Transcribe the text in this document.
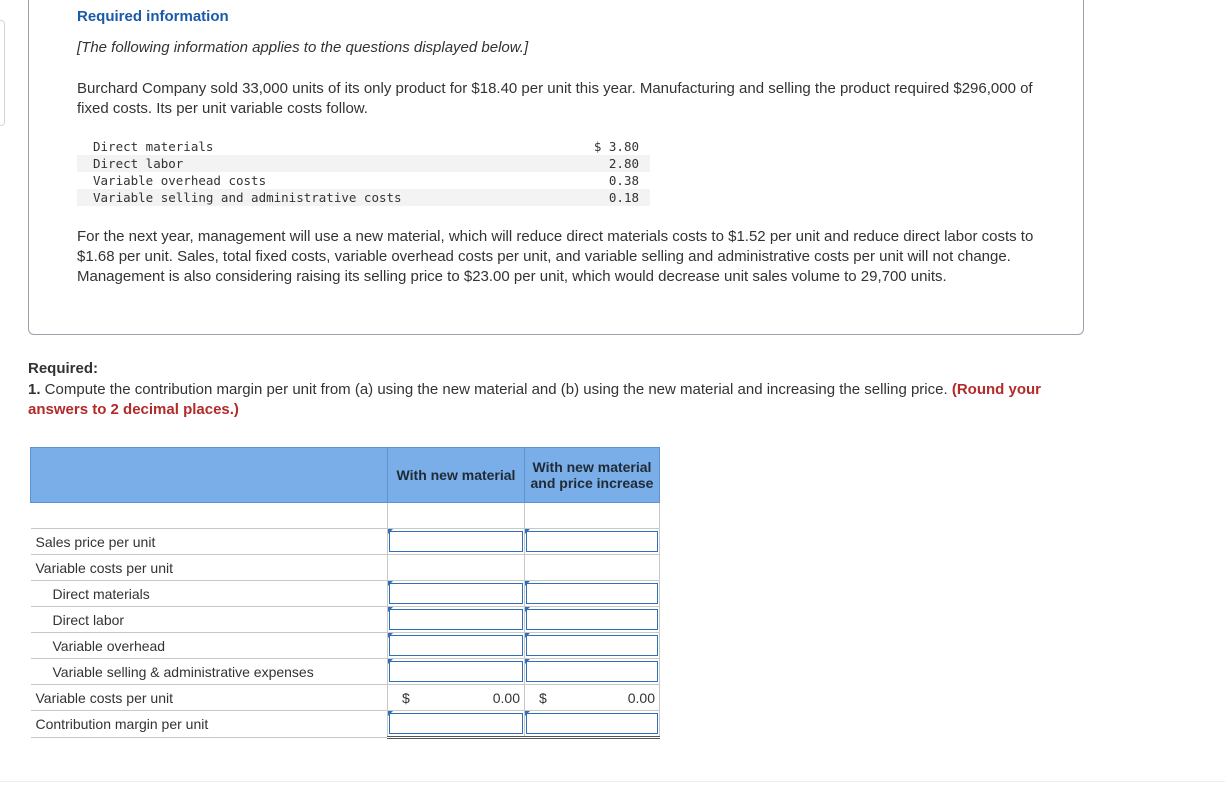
Required information
[The following information applies to the questions displayed below.]
Burchard Company sold 33,000 units of its only product for $18.40 per unit this year. Manufacturing and selling the product required $296,000 of fixed costs. Its per unit variable costs follow.
Direct materials	$ 3.80
Direct labor	2.80
Variable overhead costs	0.38
Variable selling and administrative costs	0.18
For the next year, management will use a new material, which will reduce direct materials costs to $1.52 per unit and reduce direct labor costs to $1.68 per unit. Sales, total fixed costs, variable overhead costs per unit, and variable selling and administrative costs per unit will not change. Management is also considering raising its selling price to $23.00 per unit, which would decrease unit sales volume to 29,700 units.
Required:
1. Compute the contribution margin per unit from (a) using the new material and (b) using the new material and increasing the selling price. (Round your answers to 2 decimal places.)
	With new material	With new material and price increase

Sales price per unit	

Variable costs per unit		
Direct materials	

Direct labor	

Variable overhead	

Variable selling & administrative expenses	

Variable costs per unit	$ 0.00	$ 0.00

Contribution margin per unit	
